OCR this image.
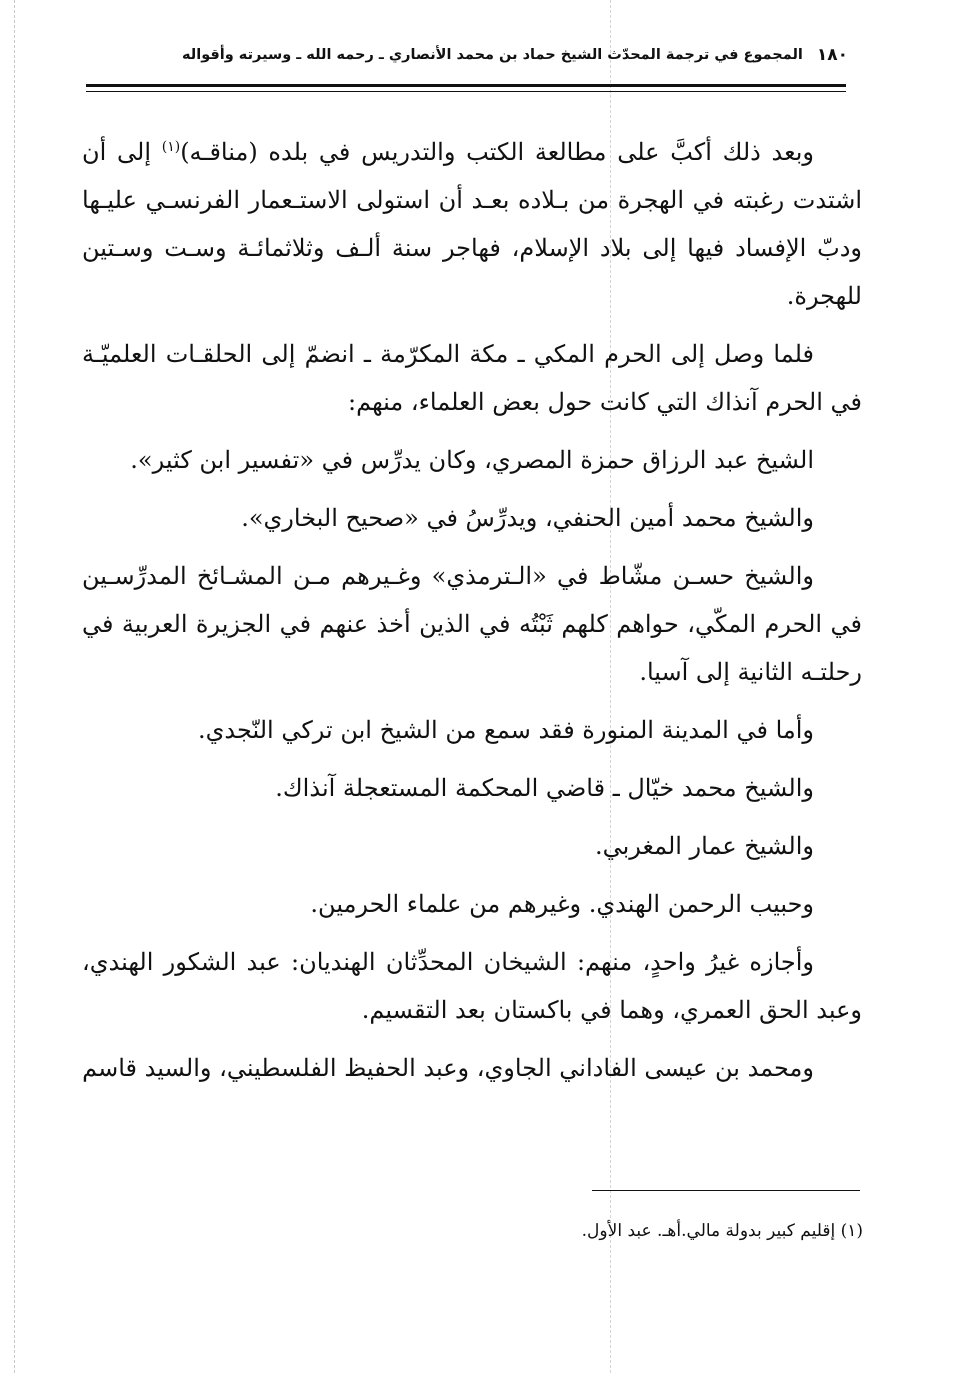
١٨٠
المجموع في ترجمة المحدّث الشيخ حماد بن محمد الأنصاري ـ رحمه الله ـ وسيرته وأقواله

وبعد ذلك أكبَّ على مطالعة الكتب والتدريس في بلده (مناقـه)$^{(١)}$ إلى أن اشتدت رغبته في الهجرة من بـلاده بعـد أن استولى الاستـعمار الفرنسـي عليـها ودبّ الإفساد فيها إلى بلاد الإسلام، فهاجر سنة ألـف وثلاثمائـة وسـت وسـتين للهجرة.

فلما وصل إلى الحرم المكي ـ مكة المكرّمة ـ انضمّ إلى الحلقـات العلميّـة في الحرم آنذاك التي كانت حول بعض العلماء، منهم:

الشيخ عبد الرزاق حمزة المصري، وكان يدرِّس في «تفسير ابن كثير».

والشيخ محمد أمين الحنفي، ويدرِّسُ في «صحيح البخاري».

والشيخ حسـن مشّاط في «الـترمذي» وغـيرهم مـن المشـائخ المدرِّسـين في الحرم المكّي، حواهم كلهم ثَبْتُه في الذين أخذ عنهم في الجزيرة العربية في رحلتـه الثانية إلى آسيا.

وأما في المدينة المنورة فقد سمع من الشيخ ابن تركي النّجدي.

والشيخ محمد خيّال ـ قاضي المحكمة المستعجلة آنذاك.

والشيخ عمار المغربي.

وحبيب الرحمن الهندي. وغيرهم من علماء الحرمين.

وأجازه غيرُ واحدٍ، منهم: الشيخان المحدِّثان الهنديان: عبد الشكور الهندي، وعبد الحق العمري، وهما في باكستان بعد التقسيم.

ومحمد بن عيسى الفاداني الجاوي، وعبد الحفيظ الفلسطيني، والسيد قاسم

(١) إقليم كبير بدولة مالي.أهـ. عبد الأول.
